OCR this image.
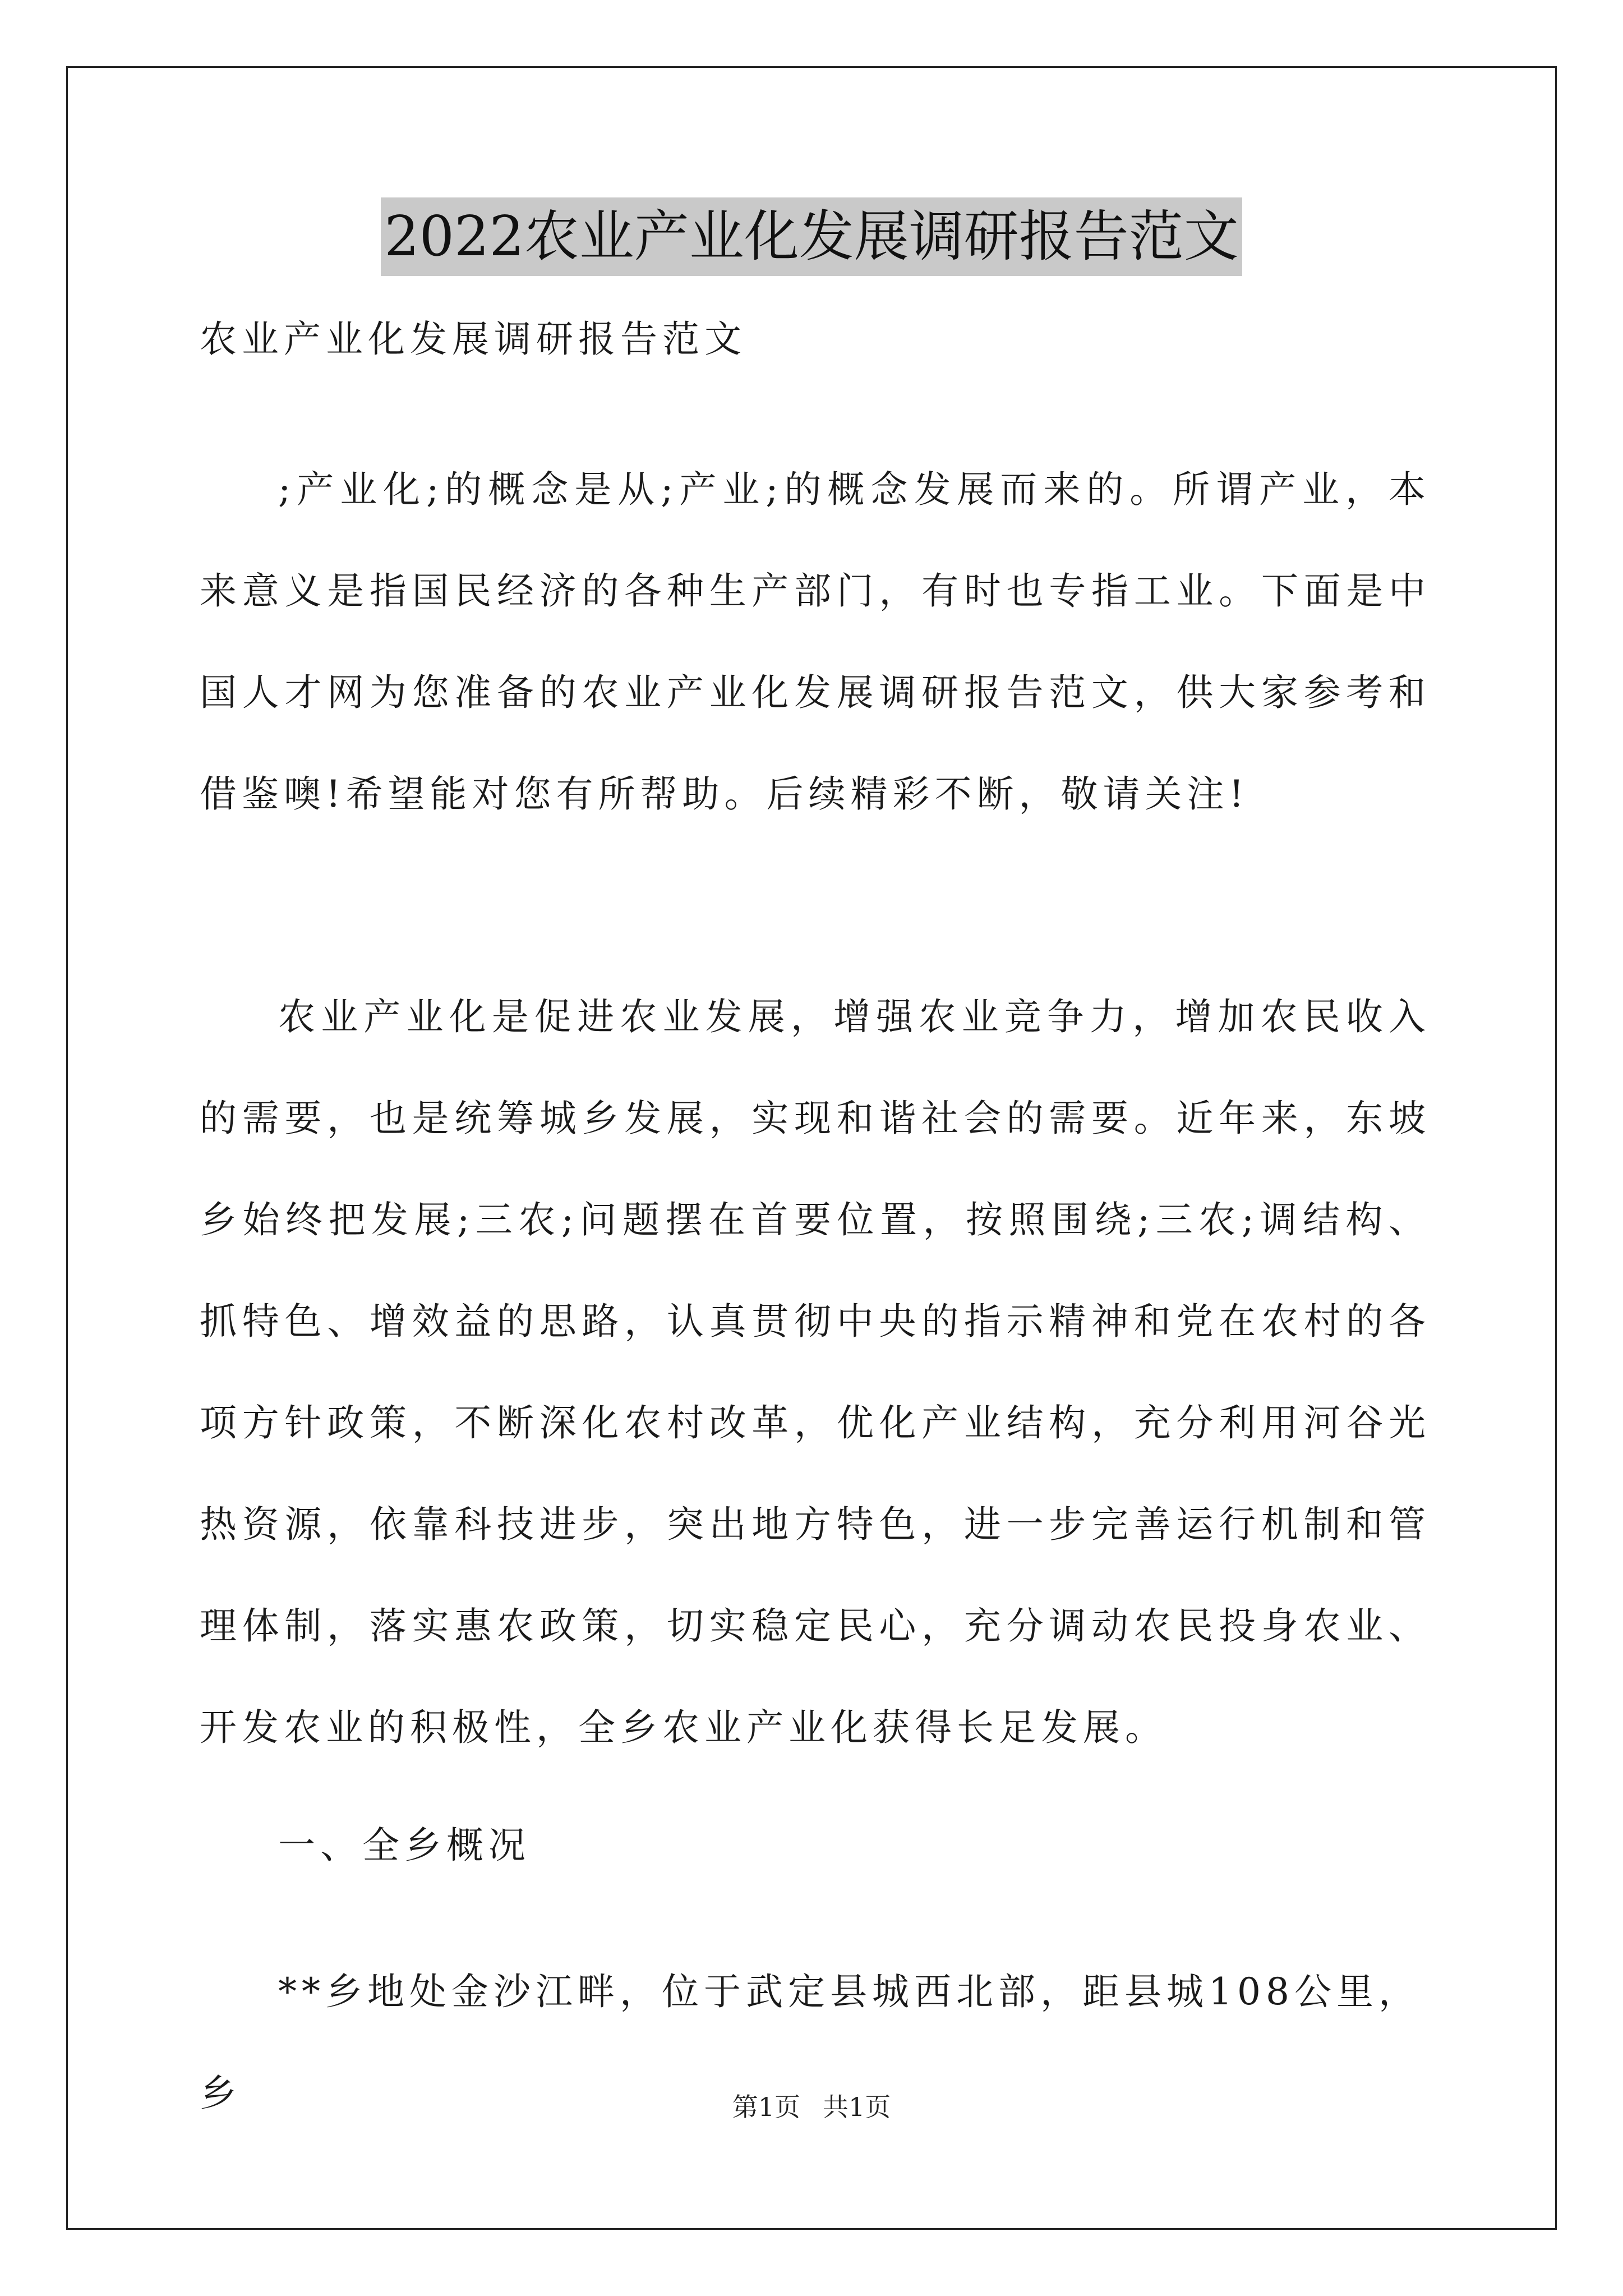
2022农业产业化发展调研报告范文
农业产业化发展调研报告范文

;产业化;的概念是从;产业;的概念发展而来的。所谓产业，本来意义是指国民经济的各种生产部门，有时也专指工业。下面是中国人才网为您准备的农业产业化发展调研报告范文，供大家参考和借鉴噢!希望能对您有所帮助。后续精彩不断，敬请关注!

农业产业化是促进农业发展，增强农业竞争力，增加农民收入的需要，也是统筹城乡发展，实现和谐社会的需要。近年来，东坡乡始终把发展;三农;问题摆在首要位置，按照围绕;三农;调结构、抓特色、增效益的思路，认真贯彻中央的指示精神和党在农村的各项方针政策，不断深化农村改革，优化产业结构，充分利用河谷光热资源，依靠科技进步，突出地方特色，进一步完善运行机制和管理体制，落实惠农政策，切实稳定民心，充分调动农民投身农业、开发农业的积极性，全乡农业产业化获得长足发展。

一、全乡概况
**乡地处金沙江畔，位于武定县城西北部，距县城108公里，乡	第1页 共1页
